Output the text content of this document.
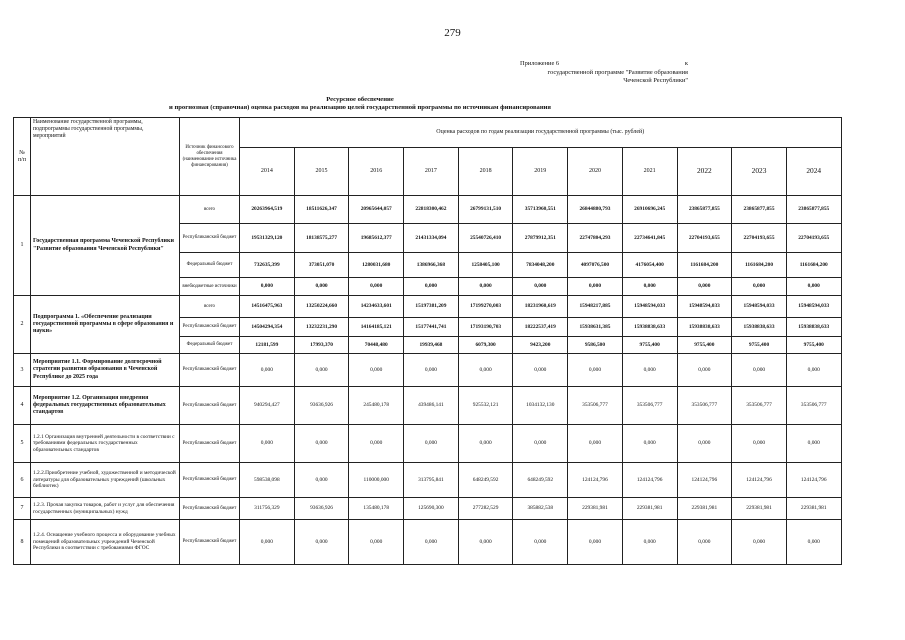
279
Приложение 6	к
государственной программе "Развитие образования
Чеченской Республики"
Ресурсное обеспечение
и прогнозная (справочная) оценка расходов на реализацию целей государственной программы по источникам финансирования
№ п/п	Наименование государственной программы, подпрограммы государственной программы, мероприятий	Источник финансового обеспечения (наименование источника финансирования)	Оценка расходов по годам реализации государственной программы (тыс. рублей)										
			2014	2015	2016	2017	2018	2019	2020	2021	2022	2023	2024
1	Государственная программа Чеченской Республики "Развитие образования Чеченской Республики"	всего	20263964,519	18511626,347	20965644,057	22818300,462	26799131,510	35713960,551	26844880,793	26910696,245	23865877,855	23865877,855	23865877,855
		Республиканский бюджет	19531329,120	18138575,277	19685612,377	21431334,094	25540726,410	27879912,351	22747804,293	22734641,845	22704193,655	22704193,655	22704193,655
		Федеральный бюджет	732635,399	373051,070	1280031,680	1386966,368	1258405,100	7834048,200	4097076,500	4176054,400	1161684,200	1161684,200	1161684,200
		внебюджетные источники	0,000	0,000	0,000	0,000	0,000	0,000	0,000	0,000	0,000	0,000	0,000
2	Подпрограмма 1. «Обеспечение реализации государственной программы в сфере образования и науки»	всего	14516475,963	13250224,660	14234633,601	15197381,209	17199270,003	18231960,619	15948217,885	15948594,033	15948594,033	15948594,033	15948594,033
		Республиканский бюджет	14504294,354	13232231,290	14164185,121	15177441,741	17193190,703	18222537,419	15938631,385	15938838,633	15938838,633	15938838,633	15938838,633
		Федеральный бюджет	12181,599	17993,370	70448,480	19939,468	6079,300	9423,200	9586,500	9755,400	9755,400	9755,400	9755,400
3	Мероприятие 1.1. Формирование долгосрочной стратегии развития образования в Чеченской Республике до 2025 года	Республиканский бюджет	0,000	0,000	0,000	0,000	0,000	0,000	0,000	0,000	0,000	0,000	0,000
4	Мероприятие 1.2. Организация внедрения федеральных государственных образовательных стандартов	Республиканский бюджет	940294,427	93636,926	245480,178	439486,141	925532,121	1034132,130	353506,777	353506,777	353506,777	353506,777	353506,777
5	1.2.1 Организация внутренней деятельности в соответствии с требованиями федеральных государственных образовательных стандартов	Республиканский бюджет	0,000	0,000	0,000	0,000	0,000	0,000	0,000	0,000	0,000	0,000	0,000
6	1.2.2.Приобретение учебной, художественной и методической литературы для образовательных учреждений (школьных библиотек)	Республиканский бюджет	598538,098	0,000	110000,000	313795,841	648249,592	648249,592	124124,796	124124,796	124124,796	124124,796	124124,796
7	1.2.3. Прочая закупка товаров, работ и услуг для обеспечения государственных (муниципальных) нужд	Республиканский бюджет	311756,329	93636,926	135480,178	125690,300	277282,529	385882,538	229381,981	229381,981	229381,981	229381,981	229381,981
8	1.2.4. Оснащение учебного процесса и оборудование учебных помещений образовательных учреждений Чеченской Республики в соответствии с требованиями ФГОС	Республиканский бюджет	0,000	0,000	0,000	0,000	0,000	0,000	0,000	0,000	0,000	0,000	0,000
